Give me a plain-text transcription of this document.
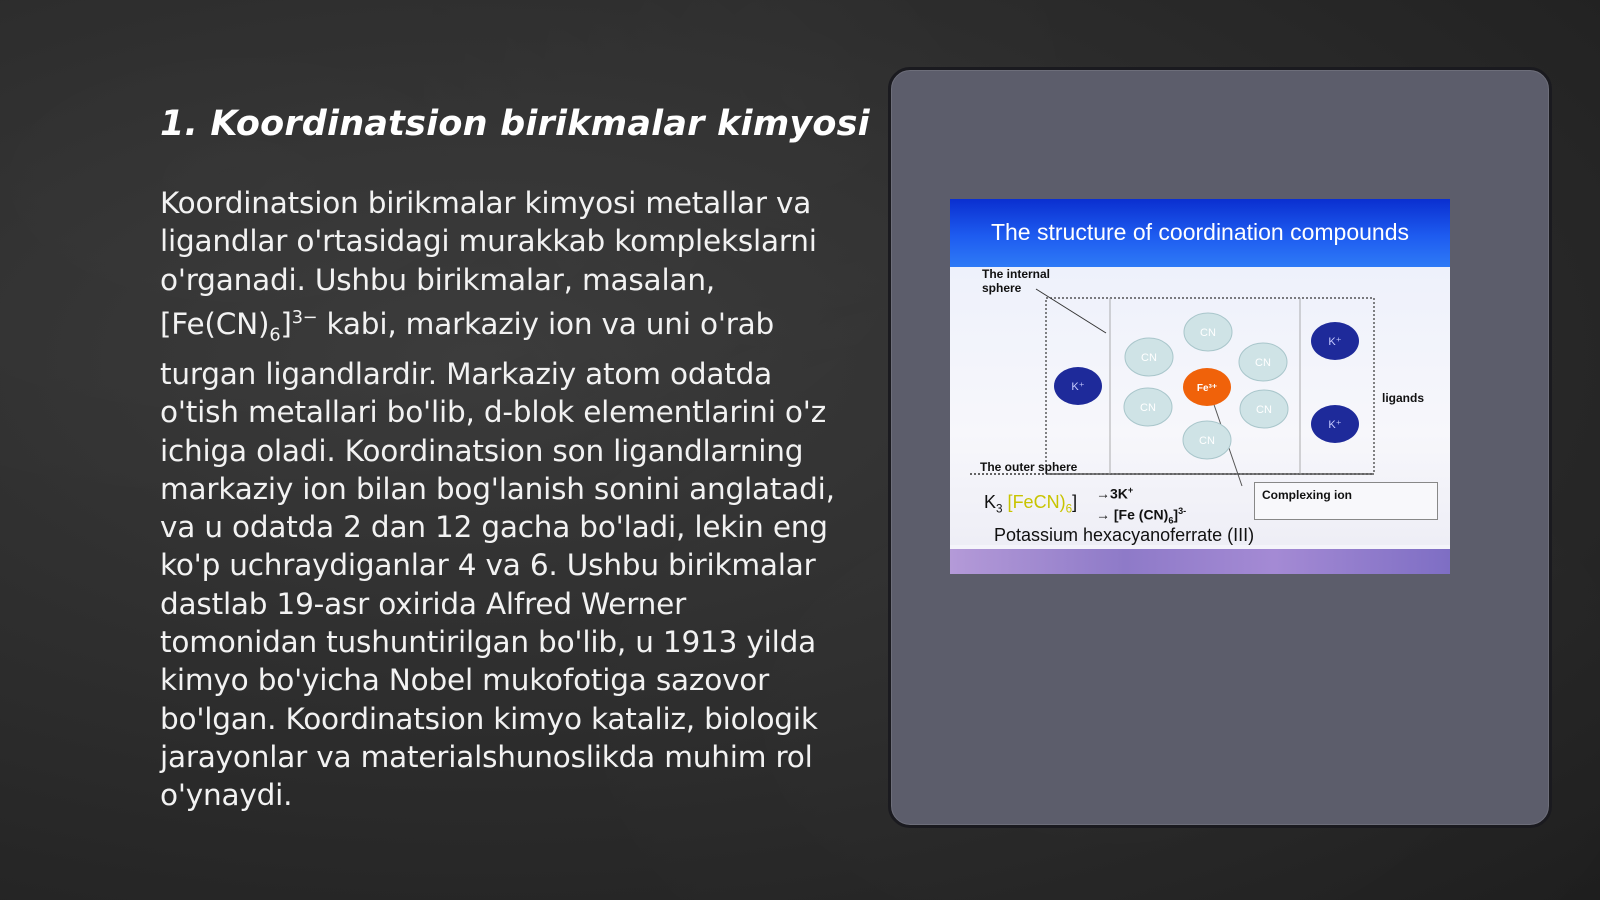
1. Koordinatsion birikmalar kimyosi

Koordinatsion birikmalar kimyosi metallar va ligandlar o'rtasidagi murakkab komplekslarni o'rganadi. Ushbu birikmalar, masalan, $[Fe(CN)_6]^{3-}$ kabi, markaziy ion va uni o'rab turgan ligandlardir. Markaziy atom odatda o'tish metallari bo'lib, d-blok elementlarini o'z ichiga oladi. Koordinatsion son ligandlarning markaziy ion bilan bog'lanish sonini anglatadi, va u odatda 2 dan 12 gacha bo'ladi, lekin eng ko'p uchraydiganlar 4 va 6. Ushbu birikmalar dastlab 19-asr oxirida Alfred Werner tomonidan tushuntirilgan bo'lib, u 1913 yilda kimyo bo'yicha Nobel mukofotiga sazovor bo'lgan. Koordinatsion kimyo kataliz, biologik jarayonlar va materialshunoslikda muhim rol o'ynaydi.

The structure of coordination compounds
CN
CN	CN
CN	CN
CN
Fe³⁺
K⁺
K⁺
K⁺
The internal
sphere
The outer sphere
ligands
Complexing ion
$K_3$ $[FeCN)_6] \to 3K^+$
→ [Fe $(CN)_6]^{3-}$
Potassium hexacyanoferrate (III)
